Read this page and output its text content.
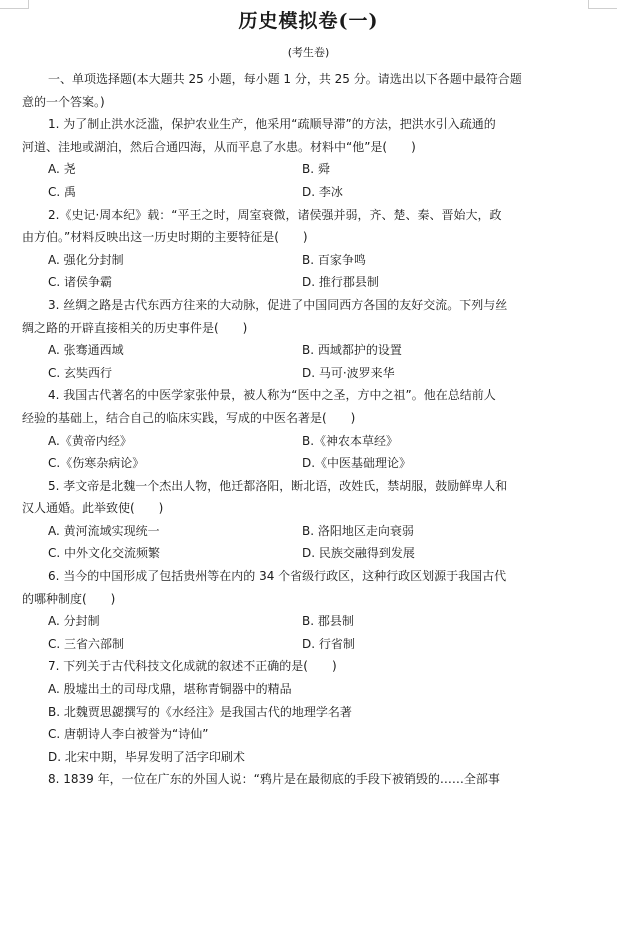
历史模拟卷(一)
(考生卷)
一、单项选择题(本大题共 25 小题，每小题 1 分，共 25 分。请选出以下各题中最符合题
意的一个答案。)
1. 为了制止洪水泛滥，保护农业生产，他采用“疏顺导滞”的方法，把洪水引入疏通的
河道、洼地或湖泊，然后合通四海，从而平息了水患。材料中“他”是(　　)
A. 尧	B. 舜
C. 禹	D. 李冰
2.《史记·周本纪》载：“平王之时，周室衰微，诸侯强并弱，齐、楚、秦、晋始大，政
由方伯。”材料反映出这一历史时期的主要特征是(　　)
A. 强化分封制	B. 百家争鸣
C. 诸侯争霸	D. 推行郡县制
3. 丝绸之路是古代东西方往来的大动脉，促进了中国同西方各国的友好交流。下列与丝
绸之路的开辟直接相关的历史事件是(　　)
A. 张骞通西域	B. 西域都护的设置
C. 玄奘西行	D. 马可·波罗来华
4. 我国古代著名的中医学家张仲景，被人称为“医中之圣，方中之祖”。他在总结前人
经验的基础上，结合自己的临床实践，写成的中医名著是(　　)
A.《黄帝内经》	B.《神农本草经》
C.《伤寒杂病论》	D.《中医基础理论》
5. 孝文帝是北魏一个杰出人物，他迁都洛阳，断北语，改姓氏，禁胡服，鼓励鲜卑人和
汉人通婚。此举致使(　　)
A. 黄河流域实现统一	B. 洛阳地区走向衰弱
C. 中外文化交流频繁	D. 民族交融得到发展
6. 当今的中国形成了包括贵州等在内的 34 个省级行政区，这种行政区划源于我国古代
的哪种制度(　　)
A. 分封制	B. 郡县制
C. 三省六部制	D. 行省制
7. 下列关于古代科技文化成就的叙述不正确的是(　　)
A. 殷墟出土的司母戊鼎，堪称青铜器中的精品
B. 北魏贾思勰撰写的《水经注》是我国古代的地理学名著
C. 唐朝诗人李白被誉为“诗仙”
D. 北宋中期，毕昇发明了活字印刷术
8. 1839 年，一位在广东的外国人说：“鸦片是在最彻底的手段下被销毁的……全部事
